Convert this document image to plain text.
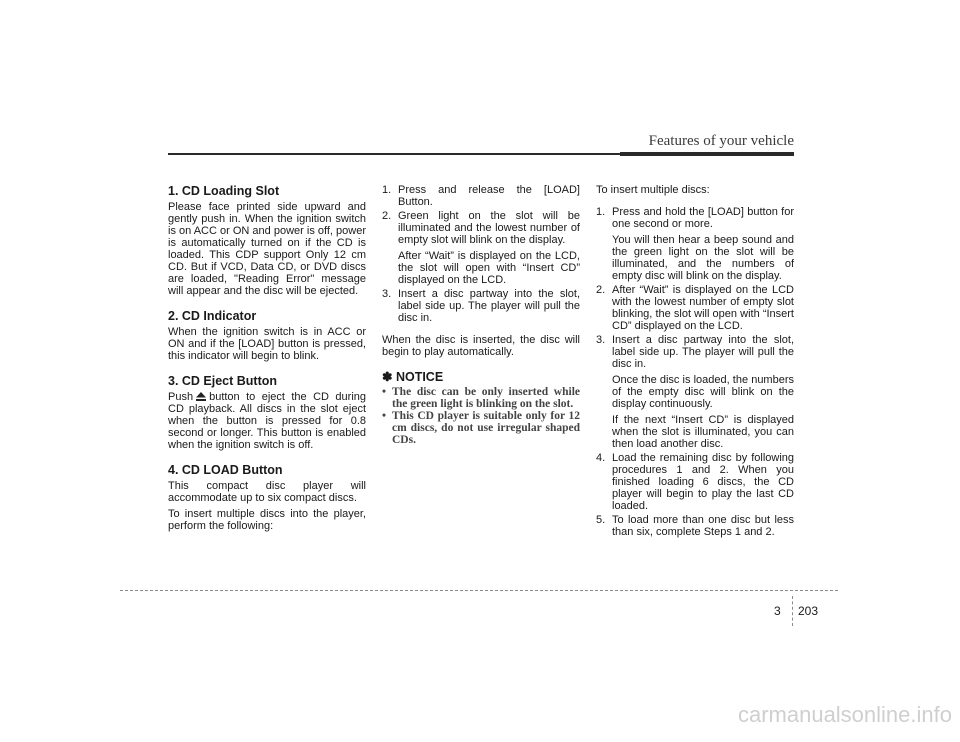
Features of your vehicle
1. CD Loading Slot

Please face printed side upward and gently push in. When the ignition switch is on ACC or ON and power is off, power is automatically turned on if the CD is loaded. This CDP support Only 12 cm CD. But if VCD, Data CD, or DVD discs are loaded, "Reading Error" message will appear and the disc will be ejected.

2. CD Indicator

When the ignition switch is in ACC or ON and if the [LOAD] button is pressed, this indicator will begin to blink.

3. CD Eject Button

Push button to eject the CD during CD playback. All discs in the slot eject when the button is pressed for 0.8 second or longer. This button is enabled when the ignition switch is off.

4. CD LOAD Button

This compact disc player will accommodate up to six compact discs.

To insert multiple discs into the player, perform the following:

1. Press and release the [LOAD] Button.
2. Green light on the slot will be illuminated and the lowest number of empty slot will blink on the display.

After “Wait” is displayed on the LCD, the slot will open with “Insert CD” displayed on the LCD.

3. Insert a disc partway into the slot, label side up. The player will pull the disc in.

When the disc is inserted, the disc will begin to play automatically.

✽ NOTICE
• The disc can be only inserted while the green light is blinking on the slot.
• This CD player is suitable only for 12 cm discs, do not use irregular shaped CDs.

To insert multiple discs:

1. Press and hold the [LOAD] button for one second or more.

You will then hear a beep sound and the green light on the slot will be illuminated, and the numbers of empty disc will blink on the display.

2. After “Wait” is displayed on the LCD with the lowest number of empty slot blinking, the slot will open with “Insert CD” displayed on the LCD.
3. Insert a disc partway into the slot, label side up. The player will pull the disc in.

Once the disc is loaded, the numbers of the empty disc will blink on the display continuously.

If the next “Insert CD” is displayed when the slot is illuminated, you can then load another disc.

4. Load the remaining disc by following procedures 1 and 2. When you finished loading 6 discs, the CD player will begin to play the last CD loaded.
5. To load more than one disc but less than six, complete Steps 1 and 2.
3 203
carmanualsonline.info
